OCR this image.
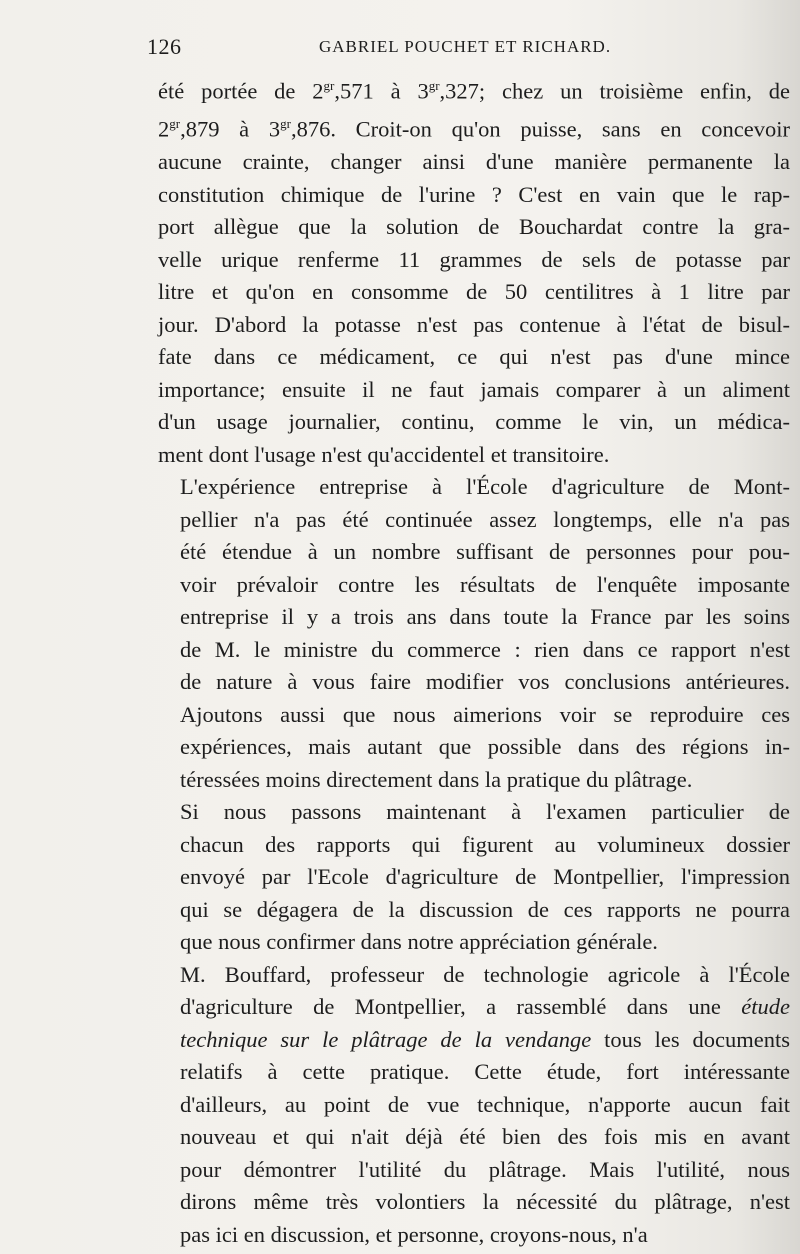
126	GABRIEL POUCHET ET RICHARD.

été portée de $2^{gr},571$ à $3^{gr},327$; chez un troisième enfin, de
$2^{gr},879$ à $3^{gr},876$. Croit-on qu'on puisse, sans en concevoir
aucune crainte, changer ainsi d'une manière permanente la
constitution chimique de l'urine ? C'est en vain que le rap-
port allègue que la solution de Bouchardat contre la gra-
velle urique renferme 11 grammes de sels de potasse par
litre et qu'on en consomme de 50 centilitres à 1 litre par
jour. D'abord la potasse n'est pas contenue à l'état de bisul-
fate dans ce médicament, ce qui n'est pas d'une mince
importance; ensuite il ne faut jamais comparer à un aliment
d'un usage journalier, continu, comme le vin, un médica-
ment dont l'usage n'est qu'accidentel et transitoire.

L'expérience entreprise à l'École d'agriculture de Mont-
pellier n'a pas été continuée assez longtemps, elle n'a pas
été étendue à un nombre suffisant de personnes pour pou-
voir prévaloir contre les résultats de l'enquête imposante
entreprise il y a trois ans dans toute la France par les soins
de M. le ministre du commerce : rien dans ce rapport n'est
de nature à vous faire modifier vos conclusions antérieures.
Ajoutons aussi que nous aimerions voir se reproduire ces
expériences, mais autant que possible dans des régions in-
téressées moins directement dans la pratique du plâtrage.

Si nous passons maintenant à l'examen particulier de
chacun des rapports qui figurent au volumineux dossier
envoyé par l'Ecole d'agriculture de Montpellier, l'impression
qui se dégagera de la discussion de ces rapports ne pourra
que nous confirmer dans notre appréciation générale.

M. Bouffard, professeur de technologie agricole à l'École
d'agriculture de Montpellier, a rassemblé dans une étude
technique sur le plâtrage de la vendange tous les documents
relatifs à cette pratique. Cette étude, fort intéressante
d'ailleurs, au point de vue technique, n'apporte aucun fait
nouveau et qui n'ait déjà été bien des fois mis en avant
pour démontrer l'utilité du plâtrage. Mais l'utilité, nous
dirons même très volontiers la nécessité du plâtrage, n'est
pas ici en discussion, et personne, croyons-nous, n'a
